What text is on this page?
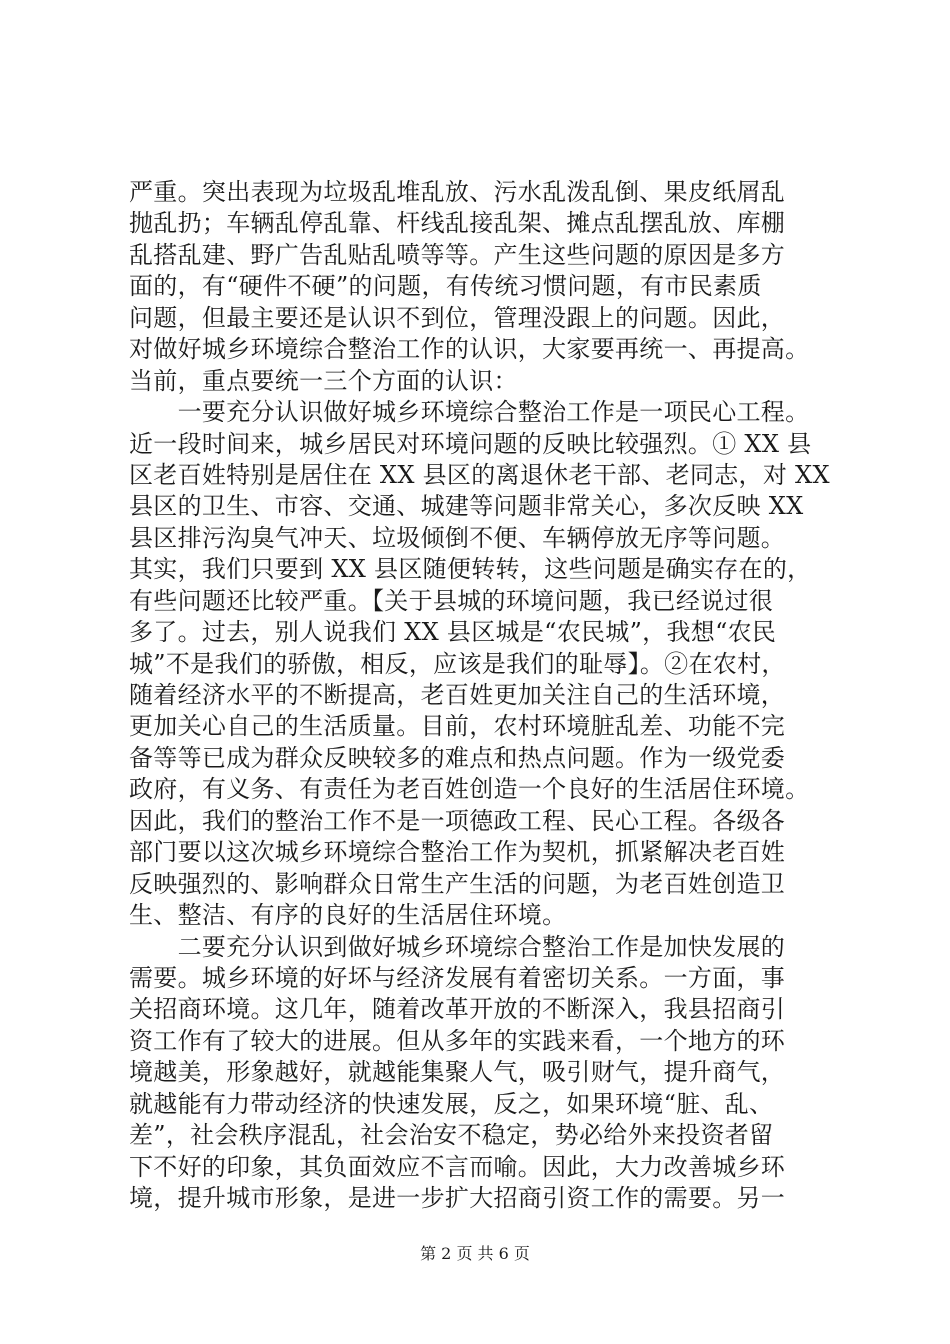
严重。突出表现为垃圾乱堆乱放、污水乱泼乱倒、果皮纸屑乱
抛乱扔；车辆乱停乱靠、杆线乱接乱架、摊点乱摆乱放、库棚
乱搭乱建、野广告乱贴乱喷等等。产生这些问题的原因是多方
面的，有“硬件不硬”的问题，有传统习惯问题，有市民素质
问题，但最主要还是认识不到位，管理没跟上的问题。因此，
对做好城乡环境综合整治工作的认识，大家要再统一、再提高。
当前，重点要统一三个方面的认识：
　　一要充分认识做好城乡环境综合整治工作是一项民心工程。
近一段时间来，城乡居民对环境问题的反映比较强烈。① XX 县
区老百姓特别是居住在 XX 县区的离退休老干部、老同志，对 XX
县区的卫生、市容、交通、城建等问题非常关心，多次反映 XX
县区排污沟臭气冲天、垃圾倾倒不便、车辆停放无序等问题。
其实，我们只要到 XX 县区随便转转，这些问题是确实存在的，
有些问题还比较严重。【关于县城的环境问题，我已经说过很
多了。过去，别人说我们 XX 县区城是“农民城”，我想“农民
城”不是我们的骄傲，相反，应该是我们的耻辱】。②在农村，
随着经济水平的不断提高，老百姓更加关注自己的生活环境，
更加关心自己的生活质量。目前，农村环境脏乱差、功能不完
备等等已成为群众反映较多的难点和热点问题。作为一级党委
政府，有义务、有责任为老百姓创造一个良好的生活居住环境。
因此，我们的整治工作不是一项德政工程、民心工程。各级各
部门要以这次城乡环境综合整治工作为契机，抓紧解决老百姓
反映强烈的、影响群众日常生产生活的问题，为老百姓创造卫
生、整洁、有序的良好的生活居住环境。
　　二要充分认识到做好城乡环境综合整治工作是加快发展的
需要。城乡环境的好坏与经济发展有着密切关系。一方面，事
关招商环境。这几年，随着改革开放的不断深入，我县招商引
资工作有了较大的进展。但从多年的实践来看，一个地方的环
境越美，形象越好，就越能集聚人气，吸引财气，提升商气，
就越能有力带动经济的快速发展，反之，如果环境“脏、乱、
差”，社会秩序混乱，社会治安不稳定，势必给外来投资者留
下不好的印象，其负面效应不言而喻。因此，大力改善城乡环
境，提升城市形象，是进一步扩大招商引资工作的需要。另一
第 2 页 共 6 页
